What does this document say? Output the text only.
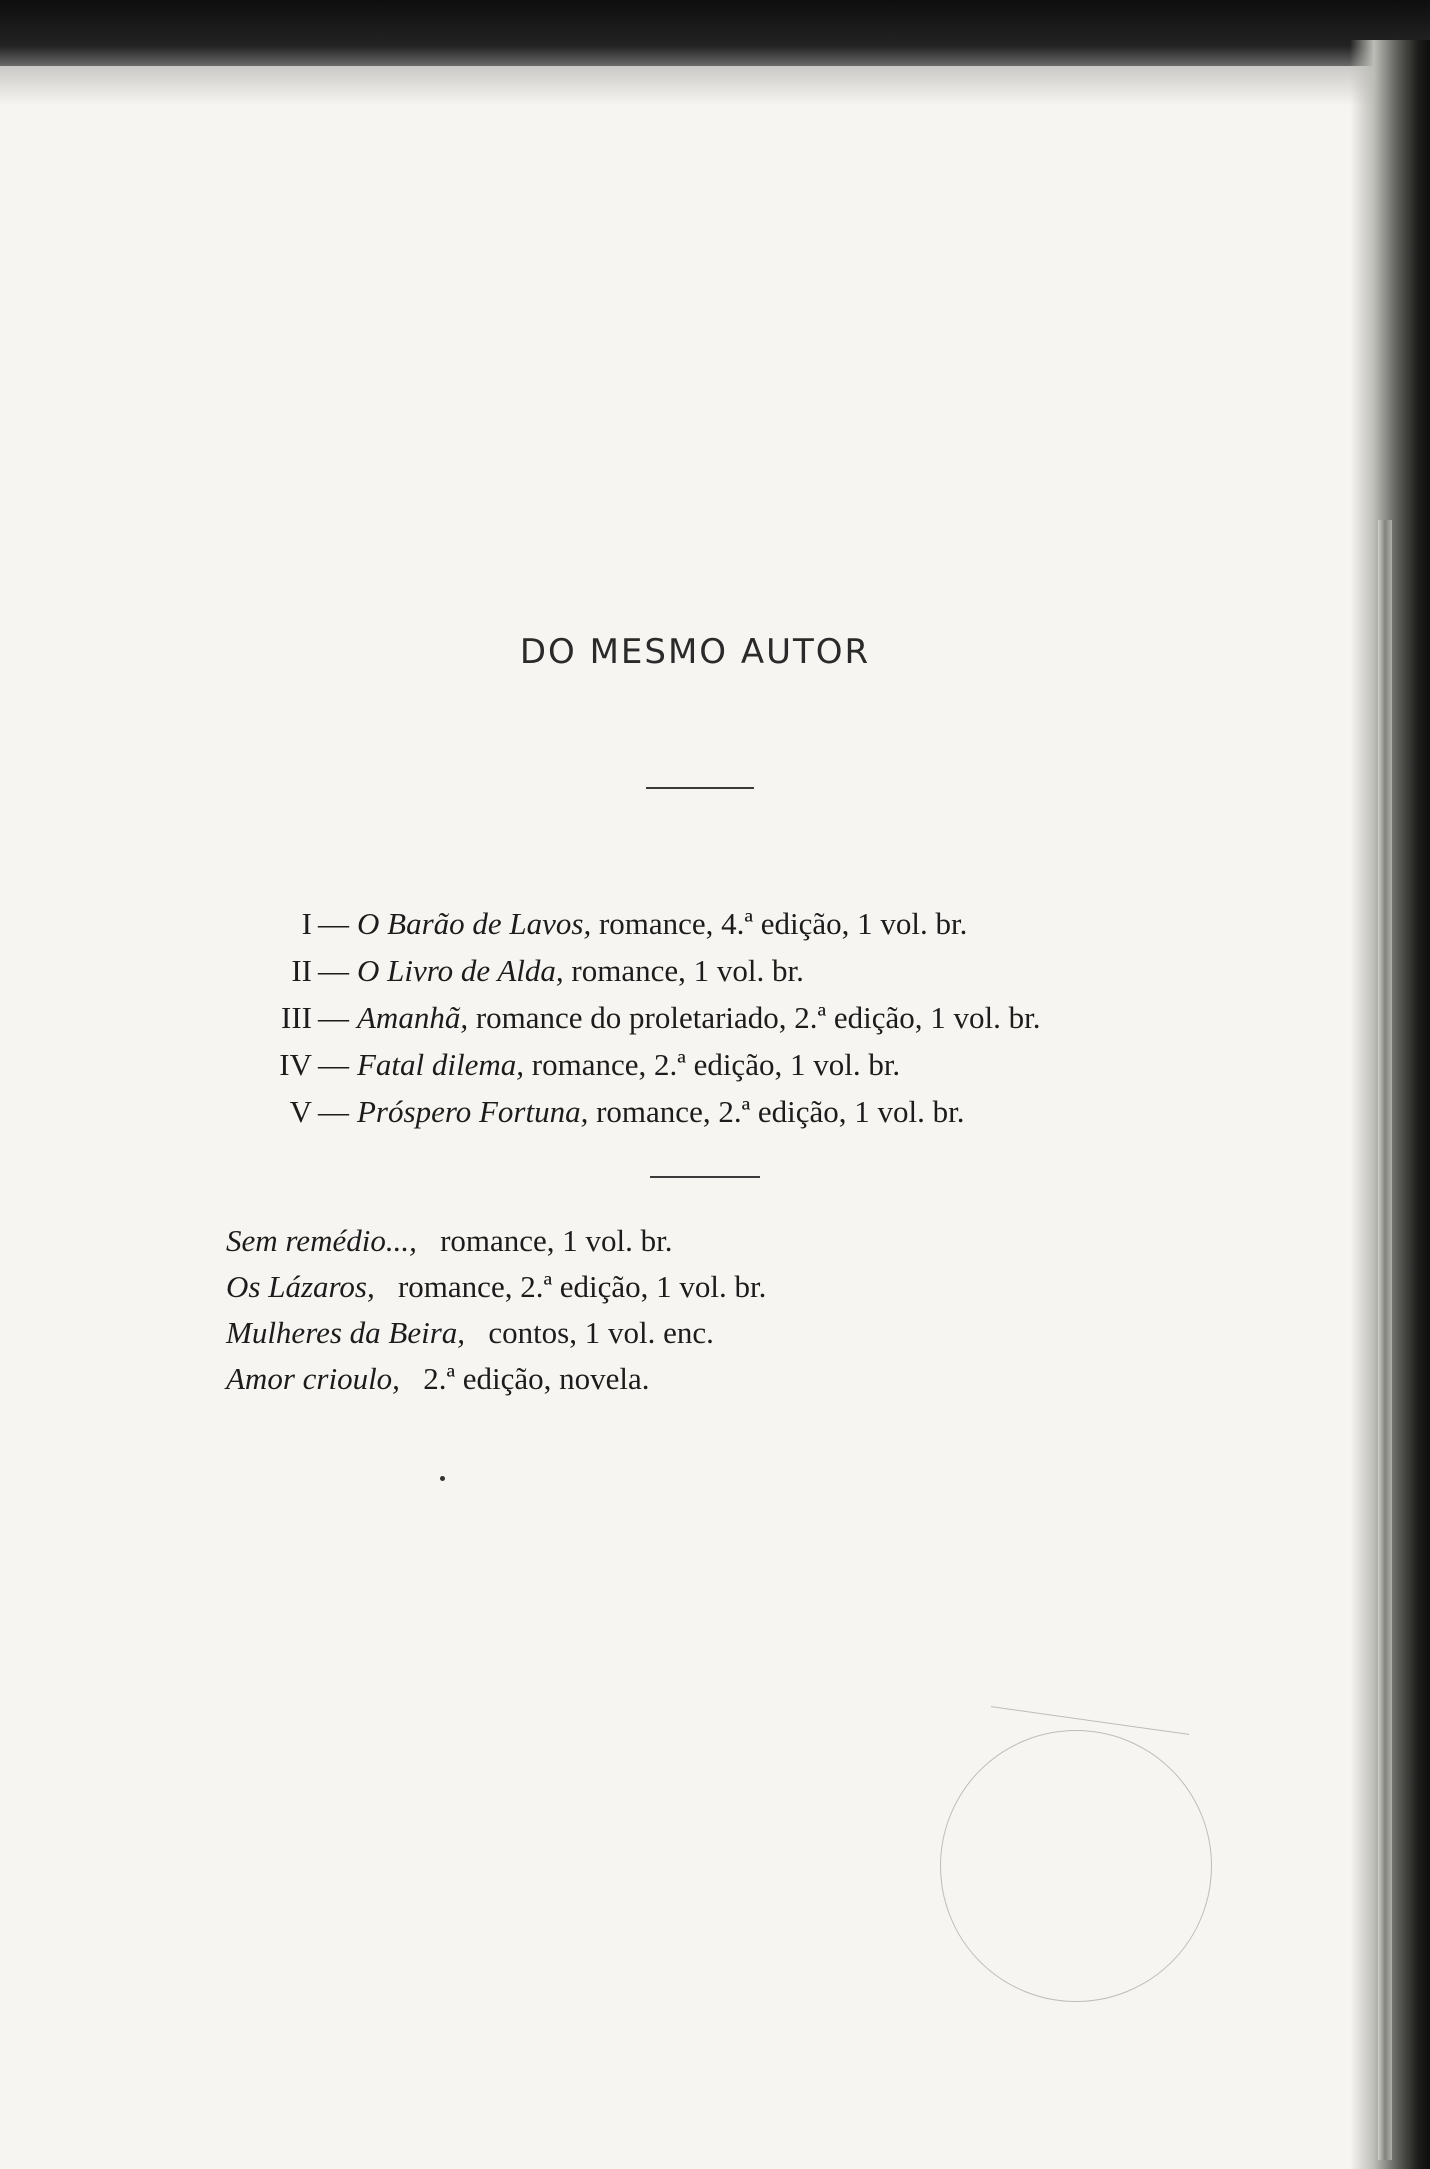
DO MESMO AUTOR
I — O Barão de Lavos,
romance, 4.ª edição, 1 vol. br.
II — O Livro de Alda,
romance, 1 vol. br.
III — Amanhã,
romance do proletariado, 2.ª edição, 1 vol. br.
IV — Fatal dilema,
romance, 2.ª edição, 1 vol. br.
V — Próspero Fortuna,
romance, 2.ª edição, 1 vol. br.
Sem remédio..., romance, 1 vol. br.
Os Lázaros, romance, 2.ª edição, 1 vol. br.
Mulheres da Beira, contos, 1 vol. enc.
Amor crioulo, 2.ª edição, novela.
